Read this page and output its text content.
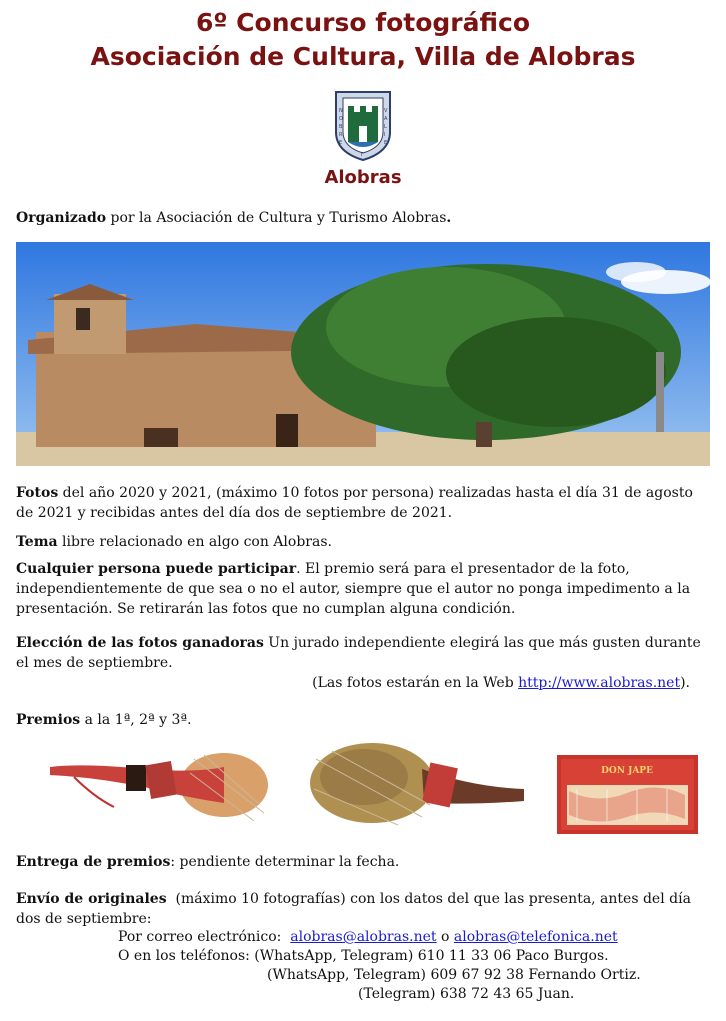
6º Concurso fotográfico
Asociación de Cultura, Villa de Alobras
N
O
B
R
E
V
A
L
I
E
T
Alobras

Organizado por la Asociación de Cultura y Turismo Alobras.

Fotos del año 2020 y 2021, (máximo 10 fotos por persona) realizadas hasta el día 31 de agosto de 2021 y recibidas antes del día dos de septiembre de 2021.

Tema libre relacionado en algo con Alobras.

Cualquier persona puede participar. El premio será para el presentador de la foto, independientemente de que sea o no el autor, siempre que el autor no ponga impedimento a la presentación. Se retirarán las fotos que no cumplan alguna condición.

Elección de las fotos ganadoras Un jurado independiente elegirá las que más gusten durante el mes de septiembre.

(Las fotos estarán en la Web http://www.alobras.net).

Premios a la 1ª, 2ª y 3ª.

DON JAPE

Entrega de premios: pendiente determinar la fecha.

Envío de originales  (máximo 10 fotografías) con los datos del que las presenta, antes del día dos de septiembre:

Por correo electrónico:  alobras@alobras.net o alobras@telefonica.net
O en los teléfonos: (WhatsApp, Telegram) 610 11 33 06 Paco Burgos.
(WhatsApp, Telegram) 609 67 92 38 Fernando Ortiz.
(Telegram) 638 72 43 65 Juan.
